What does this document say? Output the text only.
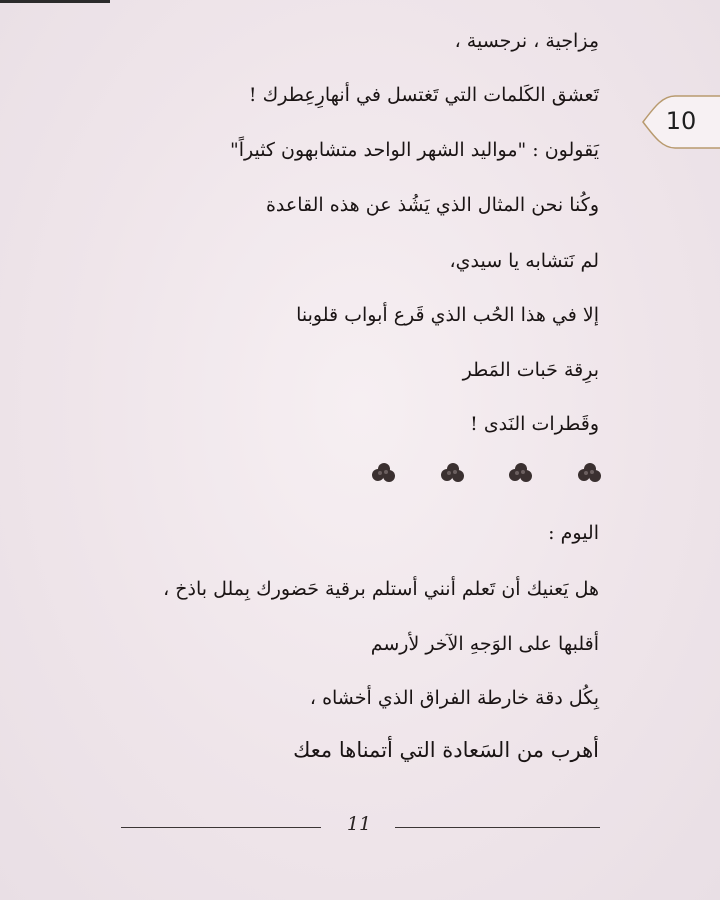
مِزاجية ، نرجسية ،
تَعشق الكَلمات التي تَغتسل في أنهارِعِطرك !
يَقولون : "مواليد الشهر الواحد متشابهون كثيراً"
وكُنا نحن المثال الذي يَشُذ عن هذه القاعدة
لم نَتشابه يا سيدي،
إلا في هذا الحُب الذي قَرع أبواب قلوبنا
برِقة حَبات المَطر
وقَطرات النَدى !
اليوم :
هل يَعنيك أن تَعلم أنني أستلم برقية حَضورك بِملل باذخ ،
أقلبها على الوَجهِ الآخر لأرسم
بِكُل دقة خارطة الفراق الذي أخشاه ،
أهرب من السَعادة التي أتمناها معك
10
11
